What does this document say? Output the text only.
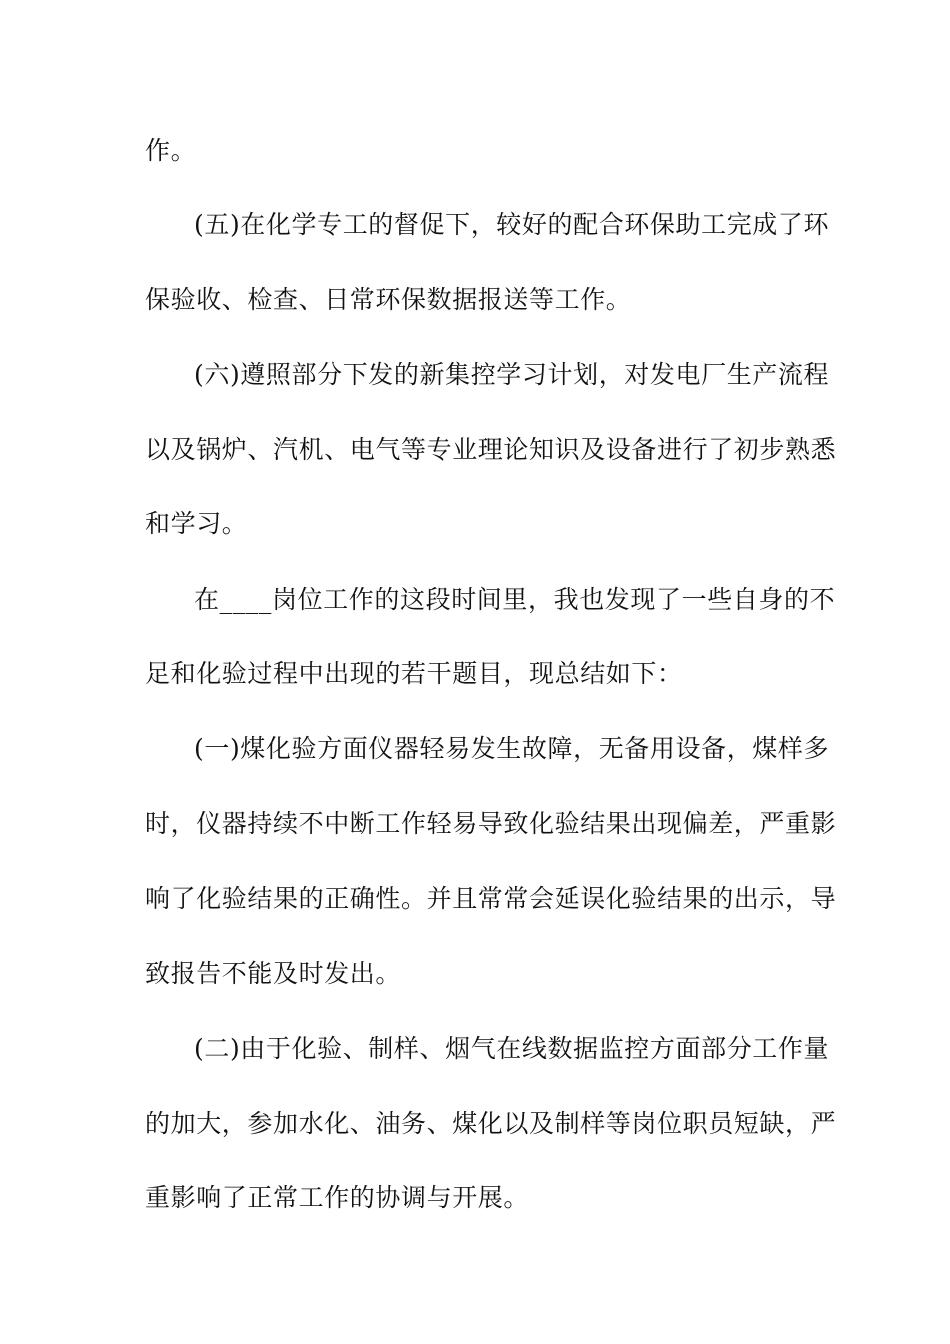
作。
(五)在化学专工的督促下，较好的配合环保助工完成了环
保验收、检查、日常环保数据报送等工作。
(六)遵照部分下发的新集控学习计划，对发电厂生产流程
以及锅炉、汽机、电气等专业理论知识及设备进行了初步熟悉
和学习。
在____岗位工作的这段时间里，我也发现了一些自身的不
足和化验过程中出现的若干题目，现总结如下：
(一)煤化验方面仪器轻易发生故障，无备用设备，煤样多
时，仪器持续不中断工作轻易导致化验结果出现偏差，严重影
响了化验结果的正确性。并且常常会延误化验结果的出示，导
致报告不能及时发出。
(二)由于化验、制样、烟气在线数据监控方面部分工作量
的加大，参加水化、油务、煤化以及制样等岗位职员短缺，严
重影响了正常工作的协调与开展。
